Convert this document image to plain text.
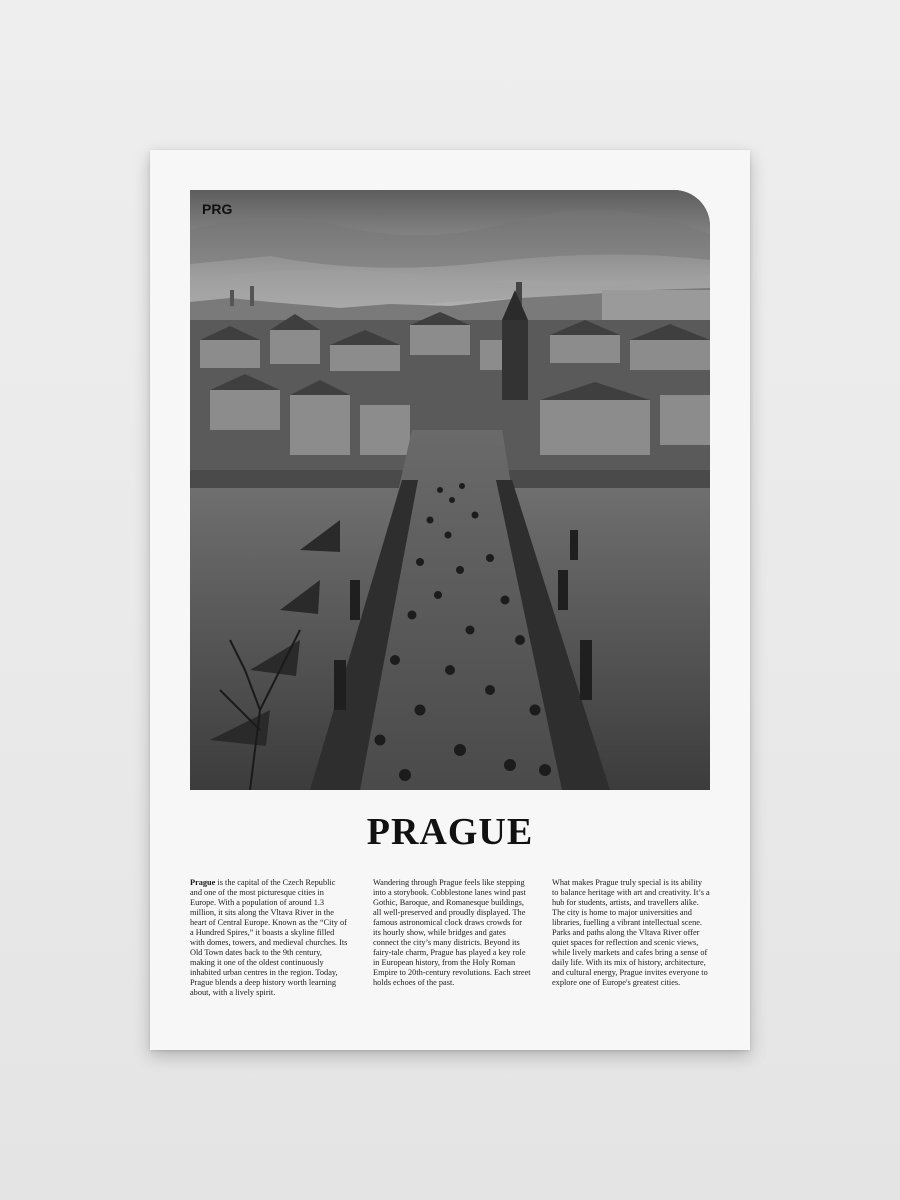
PRG
PRAGUE
Prague is the capital of the Czech Republic and one of the most picturesque cities in Europe. With a population of around 1.3 million, it sits along the Vltava River in the heart of Central Europe. Known as the “City of a Hundred Spires,” it boasts a skyline filled with domes, towers, and medieval churches. Its Old Town dates back to the 9th century, making it one of the oldest continuously inhabited urban centres in the region. Today, Prague blends a deep history worth learning about, with a lively spirit.
Wandering through Prague feels like stepping into a storybook. Cobblestone lanes wind past Gothic, Baroque, and Romanesque buildings, all well-preserved and proudly displayed. The famous astronomical clock draws crowds for its hourly show, while bridges and gates connect the city’s many districts. Beyond its fairy-tale charm, Prague has played a key role in European history, from the Holy Roman Empire to 20th-century revolutions. Each street holds echoes of the past.
What makes Prague truly special is its ability to balance heritage with art and creativity. It’s a hub for students, artists, and travellers alike. The city is home to major universities and libraries, fuelling a vibrant intellectual scene. Parks and paths along the Vltava River offer quiet spaces for reflection and scenic views, while lively markets and cafes bring a sense of daily life. With its mix of history, architecture, and cultural energy, Prague invites everyone to explore one of Europe's greatest cities.
